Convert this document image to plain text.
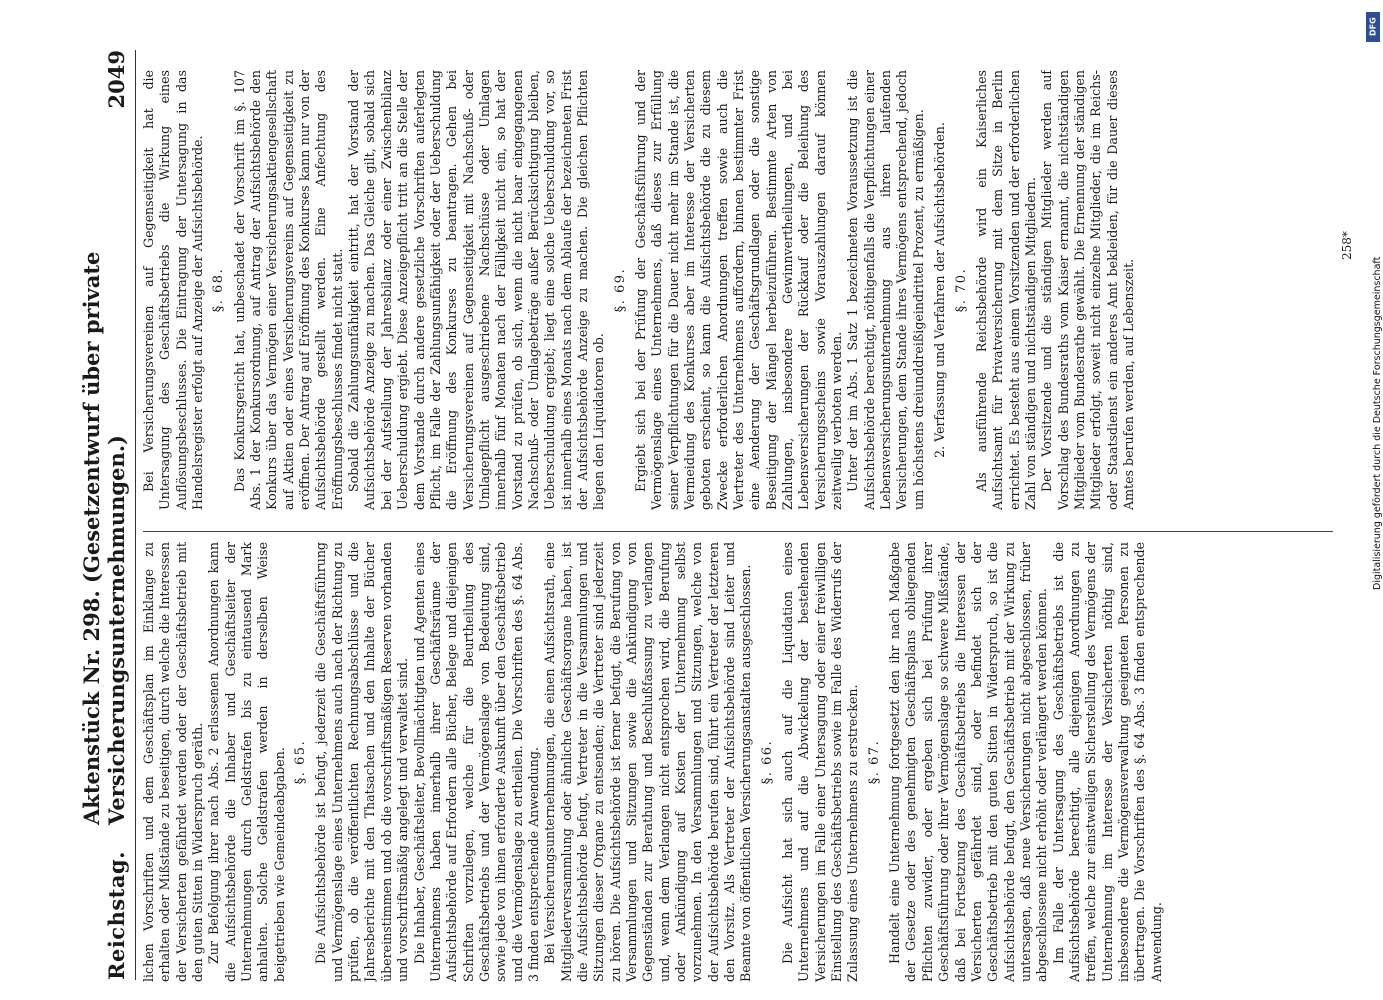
Reichstag.
Aktenstück Nr. 298. (Gesetzentwurf über private Versicherungsunternehmungen.)
2049

lichen Vorschriften und dem Geschäftsplan im Einklange zu erhalten oder Mißstände zu beseitigen, durch welche die Interessen der Versicherten gefährdet werden oder der Geschäftsbetrieb mit den guten Sitten in Widerspruch geräth. Zur Befolgung ihrer nach Abs. 2 erlassenen Anordnungen kann die Aufsichtsbehörde die Inhaber und Geschäftsleiter der Unternehmungen durch Geldstrafen bis zu eintausend Mark anhalten. Solche Geldstrafen werden in derselben Weise beigetrieben wie Gemeindeabgaben. §. 65. Die Aufsichtsbehörde ist befugt, jederzeit die Geschäftsführung und Vermögenslage eines Unternehmens auch nach der Richtung zu prüfen, ob die veröffentlichten Rechnungsabschlüsse und die Jahresberichte mit den Thatsachen und den Inhalte der Bücher übereinstimmen und ob die vorschriftsmäßigen Reserven vorhanden und vorschriftsmäßig angelegt und verwaltet sind. Die Inhaber, Geschäftsleiter, Bevollmächtigten und Agenten eines Unternehmens haben innerhalb ihrer Geschäftsräume der Aufsichtsbehörde auf Erfordern alle Bücher, Belege und diejenigen Schriften vorzulegen, welche für die Beurtheilung des Geschäftsbetriebs und der Vermögenslage von Bedeutung sind, sowie jede von ihnen erforderte Auskunft über den Geschäftsbetrieb und die Vermögenslage zu ertheilen. Die Vorschriften des §. 64 Abs. 3 finden entsprechende Anwendung. Bei Versicherungsunternehmungen, die einen Aufsichtsrath, eine Mitgliederversammlung oder ähnliche Geschäftsorgane haben, ist die Aufsichtsbehörde befugt, Vertreter in die Versammlungen und Sitzungen dieser Organe zu entsenden; die Vertreter sind jederzeit zu hören. Die Aufsichtsbehörde ist ferner befugt, die Berufung von Versammlungen und Sitzungen sowie die Ankündigung von Gegenständen zur Berathung und Beschlußfassung zu verlangen und, wenn dem Verlangen nicht entsprochen wird, die Berufung oder Ankündigung auf Kosten der Unternehmung selbst vorzunehmen. In den Versammlungen und Sitzungen, welche von der Aufsichtsbehörde berufen sind, führt ein Vertreter der letzteren den Vorsitz. Als Vertreter der Aufsichtsbehörde sind Leiter und Beamte von öffentlichen Versicherungsanstalten ausgeschlossen. §. 66. Die Aufsicht hat sich auch auf die Liquidation eines Unternehmens und auf die Abwickelung der bestehenden Versicherungen im Falle einer Untersagung oder einer freiwilligen Einstellung des Geschäftsbetriebs sowie im Falle des Widerrufs der Zulassung eines Unternehmens zu erstrecken. §. 67. Handelt eine Unternehmung fortgesetzt den ihr nach Maßgabe der Gesetze oder des genehmigten Geschäftsplans obliegenden Pflichten zuwider, oder ergeben sich bei Prüfung ihrer Geschäftsführung oder ihrer Vermögenslage so schwere Mißstände, daß bei Fortsetzung des Geschäftsbetriebs die Interessen der Versicherten gefährdet sind, oder befindet sich der Geschäftsbetrieb mit den guten Sitten in Widerspruch, so ist die Aufsichtsbehörde befugt, den Geschäftsbetrieb mit der Wirkung zu untersagen, daß neue Versicherungen nicht abgeschlossen, früher abgeschlossene nicht erhöht oder verlängert werden können. Im Falle der Untersagung des Geschäftsbetriebs ist die Aufsichtsbehörde berechtigt, alle diejenigen Anordnungen zu treffen, welche zur einstweiligen Sicherstellung des Vermögens der Unternehmung im Interesse der Versicherten nöthig sind, insbesondere die Vermögensverwaltung geeigneten Personen zu übertragen. Die Vorschriften des §. 64 Abs. 3 finden entsprechende Anwendung.

Bei Versicherungsvereinen auf Gegenseitigkeit hat die Untersagung des Geschäftsbetriebs die Wirkung eines Auflösungsbeschlusses. Die Eintragung der Untersagung in das Handelsregister erfolgt auf Anzeige der Aufsichtsbehörde. §. 68. Das Konkursgericht hat, unbeschadet der Vorschrift im §. 107 Abs. 1 der Konkursordnung, auf Antrag der Aufsichtsbehörde den Konkurs über das Vermögen einer Versicherungsaktiengesellschaft auf Aktien oder eines Versicherungsvereins auf Gegenseitigkeit zu eröffnen. Der Antrag auf Eröffnung des Konkurses kann nur von der Aufsichtsbehörde gestellt werden. Eine Anfechtung des Eröffnungsbeschlusses findet nicht statt. Sobald die Zahlungsunfähigkeit eintritt, hat der Vorstand der Aufsichtsbehörde Anzeige zu machen. Das Gleiche gilt, sobald sich bei der Aufstellung der Jahresbilanz oder einer Zwischenbilanz Ueberschuldung ergiebt. Diese Anzeigepflicht tritt an die Stelle der dem Vorstande durch andere gesetzliche Vorschriften auferlegten Pflicht, im Falle der Zahlungsunfähigkeit oder der Ueberschuldung die Eröffnung des Konkurses zu beantragen. Gehen bei Versicherungsvereinen auf Gegenseitigkeit mit Nachschuß- oder Umlagepflicht ausgeschriebene Nachschüsse oder Umlagen innerhalb fünf Monaten nach der Fälligkeit nicht ein, so hat der Vorstand zu prüfen, ob sich, wenn die nicht baar eingegangenen Nachschuß- oder Umlagebeträge außer Berücksichtigung bleiben, Ueberschuldung ergiebt; liegt eine solche Ueberschuldung vor, so ist innerhalb eines Monats nach dem Ablaufe der bezeichneten Frist der Aufsichtsbehörde Anzeige zu machen. Die gleichen Pflichten liegen den Liquidatoren ob.

§. 69. Ergiebt sich bei der Prüfung der Geschäftsführung und der Vermögenslage eines Unternehmens, daß dieses zur Erfüllung seiner Verpflichtungen für die Dauer nicht mehr im Stande ist, die Vermeidung des Konkurses aber im Interesse der Versicherten geboten erscheint, so kann die Aufsichtsbehörde die zu diesem Zwecke erforderlichen Anordnungen treffen sowie auch die Vertreter des Unternehmens auffordern, binnen bestimmter Frist eine Aenderung der Geschäftsgrundlagen oder die sonstige Beseitigung der Mängel herbeizuführen. Bestimmte Arten von Zahlungen, insbesondere Gewinnvertheilungen, und bei Lebensversicherungen der Rückkauf oder die Beleihung des Versicherungsscheins sowie Vorauszahlungen darauf können zeitweilig verboten werden. Unter der im Abs. 1 Satz 1 bezeichneten Voraussetzung ist die Aufsichtsbehörde berechtigt, nöthigenfalls die Verpflichtungen einer Lebensversicherungsunternehmung aus ihren laufenden Versicherungen, dem Stande ihres Vermögens entsprechend, jedoch um höchstens dreiunddreißigeindrittel Prozent, zu ermäßigen. 2. Verfassung und Verfahren der Aufsichtsbehörden. §. 70. Als ausführende Reichsbehörde wird ein Kaiserliches Aufsichtsamt für Privatversicherung mit dem Sitze in Berlin errichtet. Es besteht aus einem Vorsitzenden und der erforderlichen Zahl von ständigen und nichtständigen Mitgliedern. Der Vorsitzende und die ständigen Mitglieder werden auf Vorschlag des Bundesraths vom Kaiser ernannt, die nichtständigen Mitglieder vom Bundesrathe gewählt. Die Ernennung der ständigen Mitglieder erfolgt, soweit nicht einzelne Mitglieder, die im Reichs- oder Staatsdienst ein anderes Amt bekleiden, für die Dauer dieses Amtes berufen werden, auf Lebenszeit.

258*
DFG
Digitalisierung gefördert durch die Deutsche Forschungsgemeinschaft
